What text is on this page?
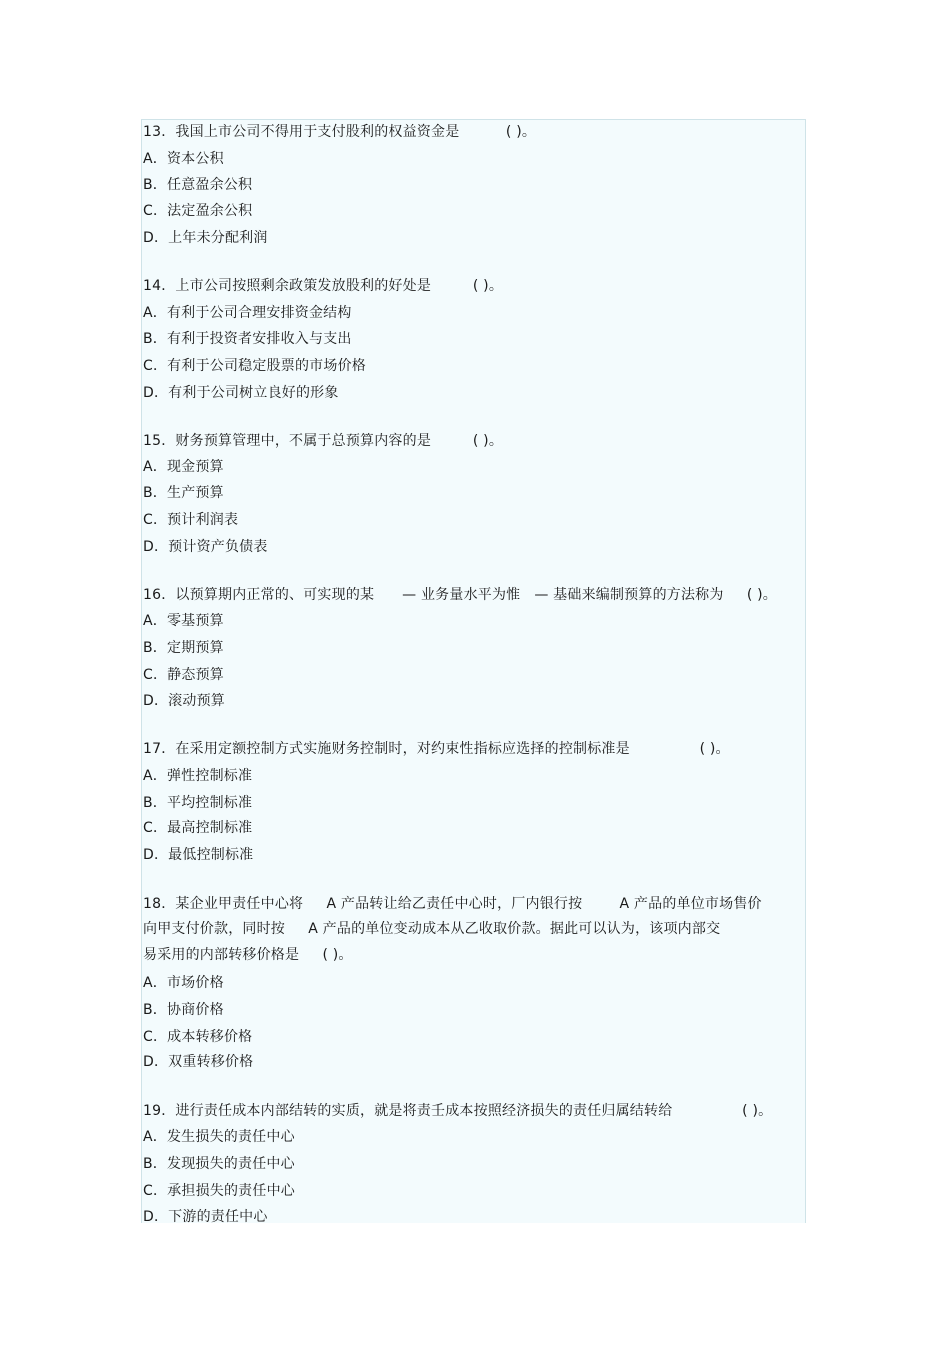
13．我国上市公司不得用于支付股利的权益资金是          ( )。
A．资本公积
B．任意盈余公积
C．法定盈余公积
D．上年未分配利润
14．上市公司按照剩余政策发放股利的好处是         ( )。
A．有利于公司合理安排资金结构
B．有利于投资者安排收入与支出
C．有利于公司稳定股票的市场价格
D．有利于公司树立良好的形象
15．财务预算管理中，不属于总预算内容的是         ( )。
A．现金预算
B．生产预算
C．预计利润表
D．预计资产负债表
16．以预算期内正常的、可实现的某      — 业务量水平为惟   — 基础来编制预算的方法称为     ( )。
A．零基预算
B．定期预算
C．静态预算
D．滚动预算
17．在采用定额控制方式实施财务控制时，对约束性指标应选择的控制标准是               ( )。
A．弹性控制标准
B．平均控制标准
C．最高控制标准
D．最低控制标准
18．某企业甲责任中心将     A 产品转让给乙责任中心时，厂内银行按        A 产品的单位市场售价
向甲支付价款，同时按     A 产品的单位变动成本从乙收取价款。据此可以认为，该项内部交
易采用的内部转移价格是     ( )。
A．市场价格
B．协商价格
C．成本转移价格
D．双重转移价格
19．进行责任成本内部结转的实质，就是将责壬成本按照经济损失的责任归属结转给               ( )。
A．发生损失的责任中心
B．发现损失的责任中心
C．承担损失的责任中心
D．下游的责任中心
